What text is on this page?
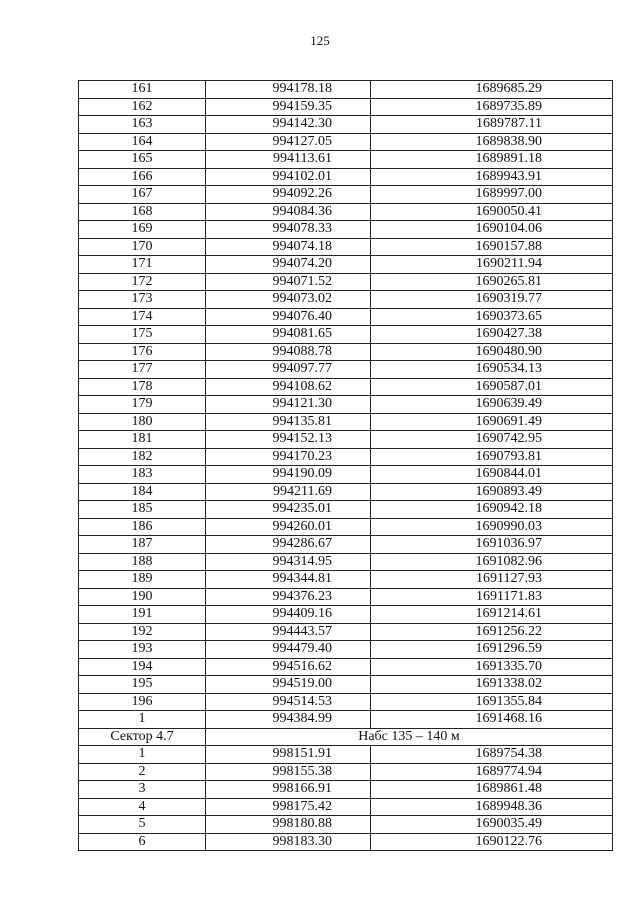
125
161	994178.18	1689685.29
162	994159.35	1689735.89
163	994142.30	1689787.11
164	994127.05	1689838.90
165	994113.61	1689891.18
166	994102.01	1689943.91
167	994092.26	1689997.00
168	994084.36	1690050.41
169	994078.33	1690104.06
170	994074.18	1690157.88
171	994074.20	1690211.94
172	994071.52	1690265.81
173	994073.02	1690319.77
174	994076.40	1690373.65
175	994081.65	1690427.38
176	994088.78	1690480.90
177	994097.77	1690534.13
178	994108.62	1690587.01
179	994121.30	1690639.49
180	994135.81	1690691.49
181	994152.13	1690742.95
182	994170.23	1690793.81
183	994190.09	1690844.01
184	994211.69	1690893.49
185	994235.01	1690942.18
186	994260.01	1690990.03
187	994286.67	1691036.97
188	994314.95	1691082.96
189	994344.81	1691127.93
190	994376.23	1691171.83
191	994409.16	1691214.61
192	994443.57	1691256.22
193	994479.40	1691296.59
194	994516.62	1691335.70
195	994519.00	1691338.02
196	994514.53	1691355.84
1	994384.99	1691468.16
Сектор 4.7	Набс 135 – 140 м	
1	998151.91	1689754.38
2	998155.38	1689774.94
3	998166.91	1689861.48
4	998175.42	1689948.36
5	998180.88	1690035.49
6	998183.30	1690122.76
